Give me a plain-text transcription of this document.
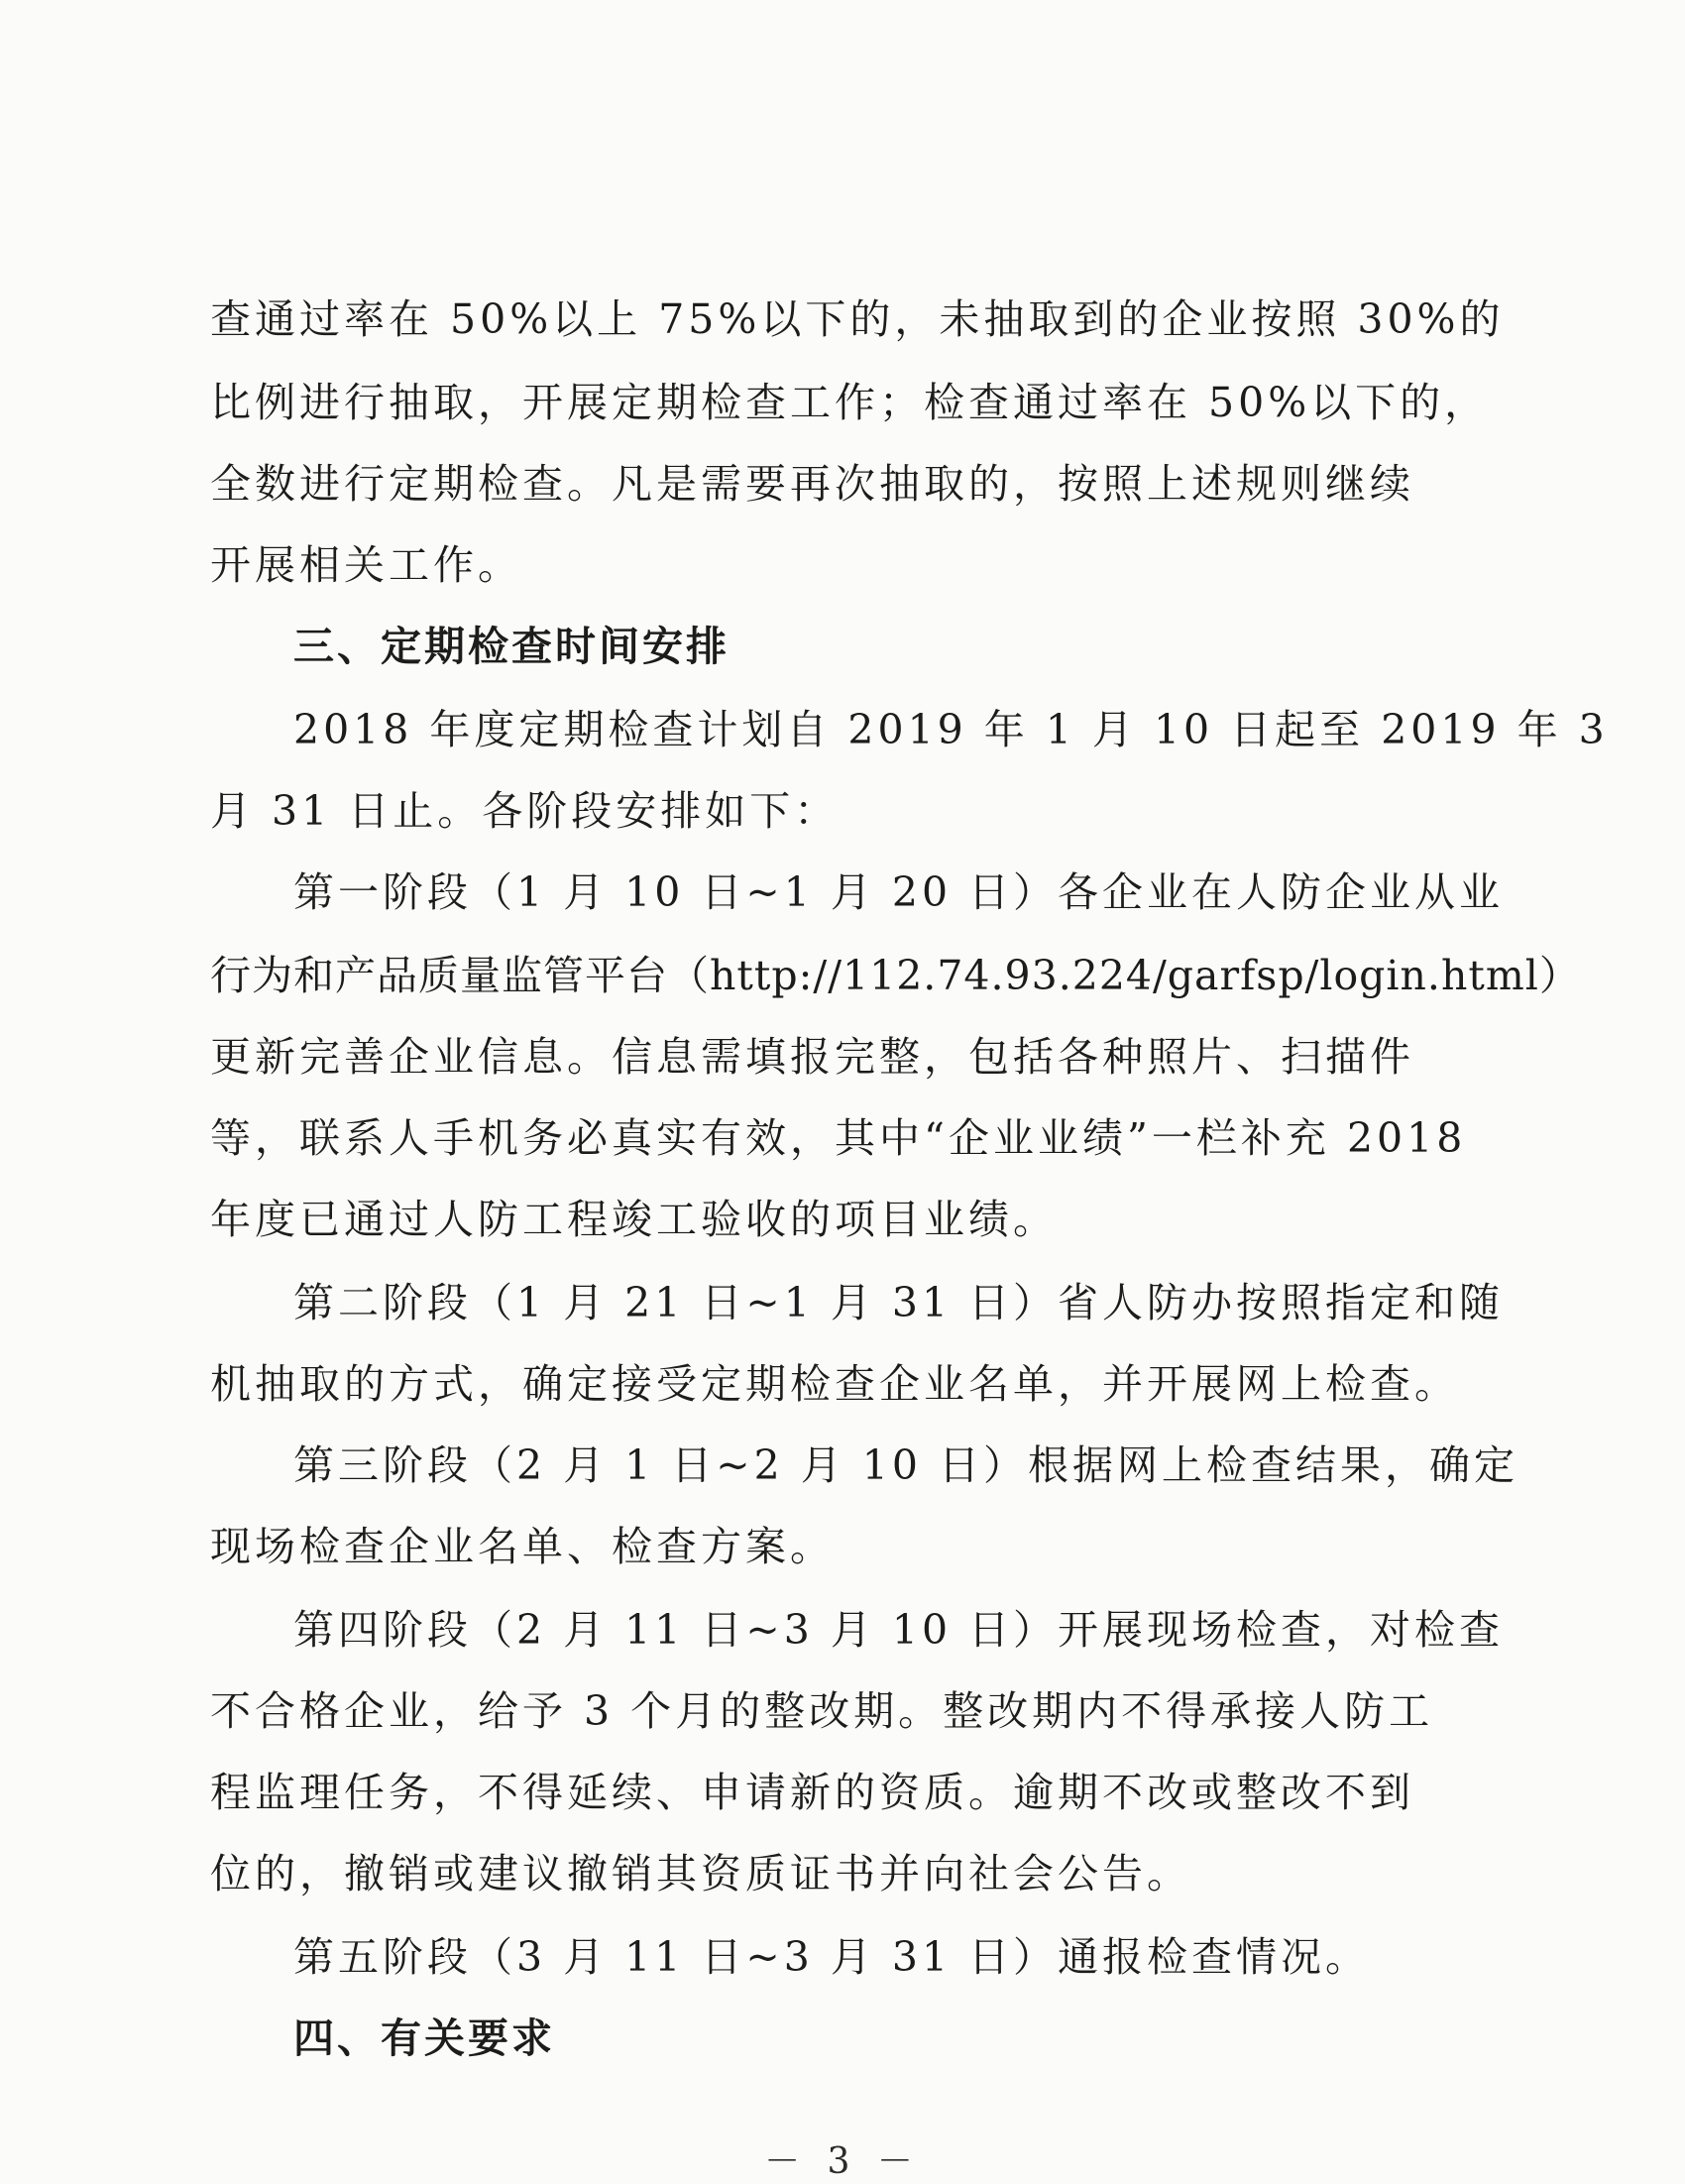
查通过率在 50%以上 75%以下的，未抽取到的企业按照 30%的
比例进行抽取，开展定期检查工作；检查通过率在 50%以下的，
全数进行定期检查。凡是需要再次抽取的，按照上述规则继续
开展相关工作。
三、定期检查时间安排
2018 年度定期检查计划自 2019 年 1 月 10 日起至 2019 年 3
月 31 日止。各阶段安排如下：
第一阶段（1 月 10 日~1 月 20 日）各企业在人防企业从业
行为和产品质量监管平台（http://112.74.93.224/garfsp/login.html）
更新完善企业信息。信息需填报完整，包括各种照片、扫描件
等，联系人手机务必真实有效，其中“企业业绩”一栏补充 2018
年度已通过人防工程竣工验收的项目业绩。
第二阶段（1 月 21 日~1 月 31 日）省人防办按照指定和随
机抽取的方式，确定接受定期检查企业名单，并开展网上检查。
第三阶段（2 月 1 日~2 月 10 日）根据网上检查结果，确定
现场检查企业名单、检查方案。
第四阶段（2 月 11 日~3 月 10 日）开展现场检查，对检查
不合格企业，给予 3 个月的整改期。整改期内不得承接人防工
程监理任务，不得延续、申请新的资质。逾期不改或整改不到
位的，撤销或建议撤销其资质证书并向社会公告。
第五阶段（3 月 11 日~3 月 31 日）通报检查情况。
四、有关要求
－ 3 －
